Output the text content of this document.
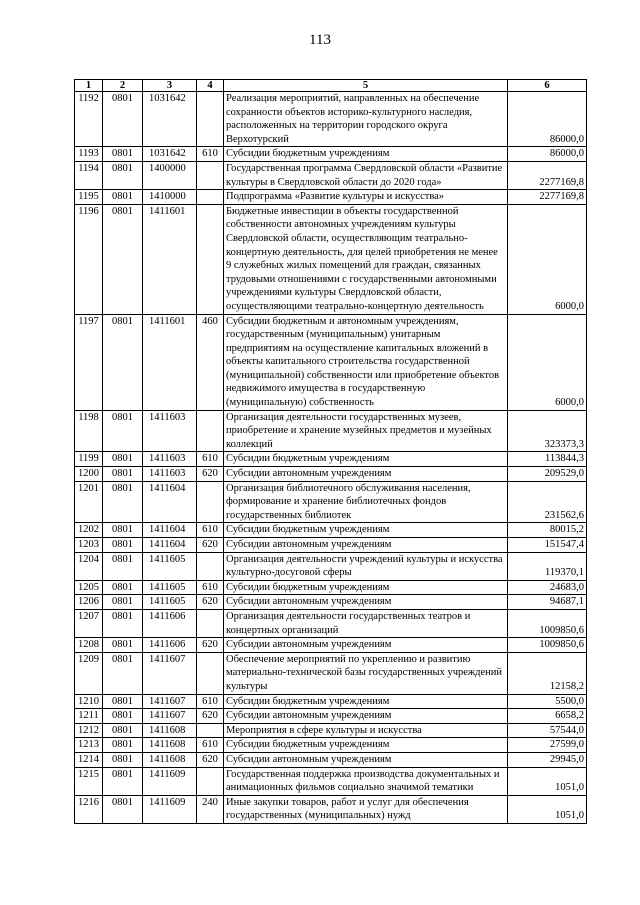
113
1	2	3	4	5	6
1192	0801	1031642		Реализация мероприятий, направленных на обеспечение сохранности объектов историко-культурного наследия, расположенных на территории городского округа Верхотурский	86000,0
1193	0801	1031642	610	Субсидии бюджетным учреждениям	86000,0
1194	0801	1400000		Государственная программа Свердловской области «Развитие культуры в Свердловской области до 2020 года»	2277169,8
1195	0801	1410000		Подпрограмма «Развитие культуры и искусства»	2277169,8
1196	0801	1411601		Бюджетные инвестиции в объекты государственной собственности автономных учреждениям культуры Свердловской области, осуществляющим театрально-концертную деятельность, для целей приобретения не менее 9 служебных жилых помещений для граждан, связанных трудовыми отношениями с государственными автономными учреждениями культуры Свердловской области, осуществляющими театрально-концертную деятельность	6000,0
1197	0801	1411601	460	Субсидии бюджетным и автономным учреждениям, государственным (муниципальным) унитарным предприятиям на осуществление капитальных вложений в объекты капитального строительства государственной (муниципальной) собственности или приобретение объектов недвижимого имущества в государственную (муниципальную) собственность	6000,0
1198	0801	1411603		Организация деятельности государственных музеев, приобретение и хранение музейных предметов и музейных коллекций	323373,3
1199	0801	1411603	610	Субсидии бюджетным учреждениям	113844,3
1200	0801	1411603	620	Субсидии автономным учреждениям	209529,0
1201	0801	1411604		Организация библиотечного обслуживания населения, формирование и хранение библиотечных фондов государственных библиотек	231562,6
1202	0801	1411604	610	Субсидии бюджетным учреждениям	80015,2
1203	0801	1411604	620	Субсидии автономным учреждениям	151547,4
1204	0801	1411605		Организация деятельности учреждений культуры и искусства культурно-досуговой сферы	119370,1
1205	0801	1411605	610	Субсидии бюджетным учреждениям	24683,0
1206	0801	1411605	620	Субсидии автономным учреждениям	94687,1
1207	0801	1411606		Организация деятельности государственных театров и концертных организаций	1009850,6
1208	0801	1411606	620	Субсидии автономным учреждениям	1009850,6
1209	0801	1411607		Обеспечение мероприятий по укреплению и развитию материально-технической базы государственных учреждений культуры	12158,2
1210	0801	1411607	610	Субсидии бюджетным учреждениям	5500,0
1211	0801	1411607	620	Субсидии автономным учреждениям	6658,2
1212	0801	1411608		Мероприятия в сфере культуры и искусства	57544,0
1213	0801	1411608	610	Субсидии бюджетным учреждениям	27599,0
1214	0801	1411608	620	Субсидии автономным учреждениям	29945,0
1215	0801	1411609		Государственная поддержка производства документальных и анимационных фильмов социально значимой тематики	1051,0
1216	0801	1411609	240	Иные закупки товаров, работ и услуг для обеспечения государственных (муниципальных) нужд	1051,0
